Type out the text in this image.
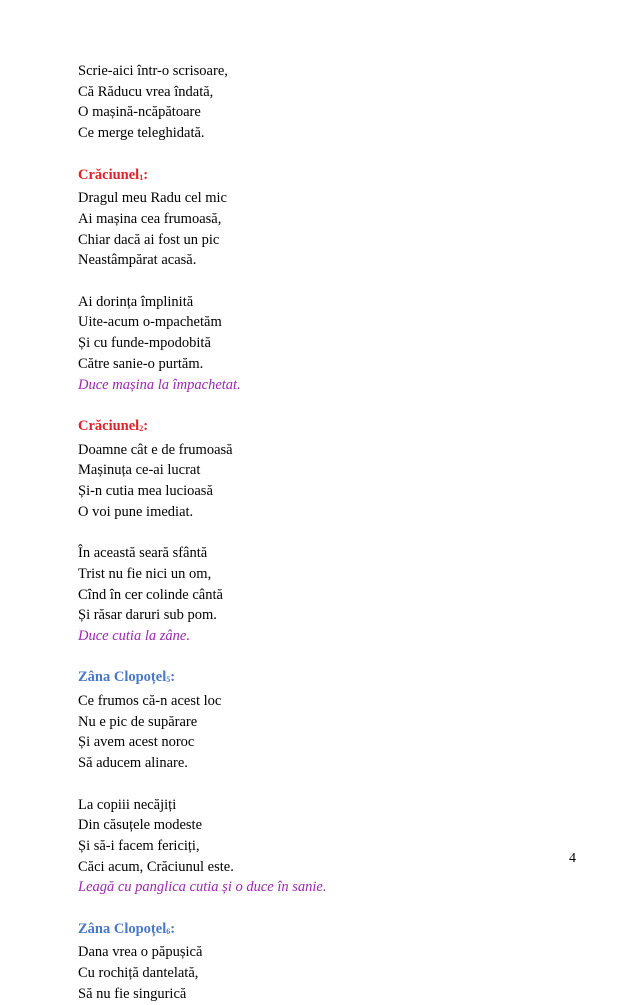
Scrie-aici într-o scrisoare,
Că Răducu vrea îndată,
O mașină-ncăpătoare
Ce merge teleghidată.
Crăciunel$_1$:
Dragul meu Radu cel mic
Ai mașina cea frumoasă,
Chiar dacă ai fost un pic
Neastâmpărat acasă.
Ai dorința împlinită
Uite-acum o-mpachetăm
Și cu funde-mpodobită
Către sanie-o purtăm.
Duce mașina la împachetat.
Crăciunel$_2$:
Doamne cât e de frumoasă
Mașinuța ce-ai lucrat
Și-n cutia mea lucioasă
O voi pune imediat.
În această seară sfântă
Trist nu fie nici un om,
Cînd în cer colinde cântă
Și răsar daruri sub pom.
Duce cutia la zâne.
Zâna Clopoțel$_5$:
Ce frumos că-n acest loc
Nu e pic de supărare
Și avem acest noroc
Să aducem alinare.
La copiii necăjiți
Din căsuțele modeste
Și să-i facem fericiți,
Căci acum, Crăciunul este.
Leagă cu panglica cutia și o duce în sanie.
Zâna Clopoțel$_6$:
Dana vrea o păpușică
Cu rochiță dantelată,
Să nu fie singurică
4
